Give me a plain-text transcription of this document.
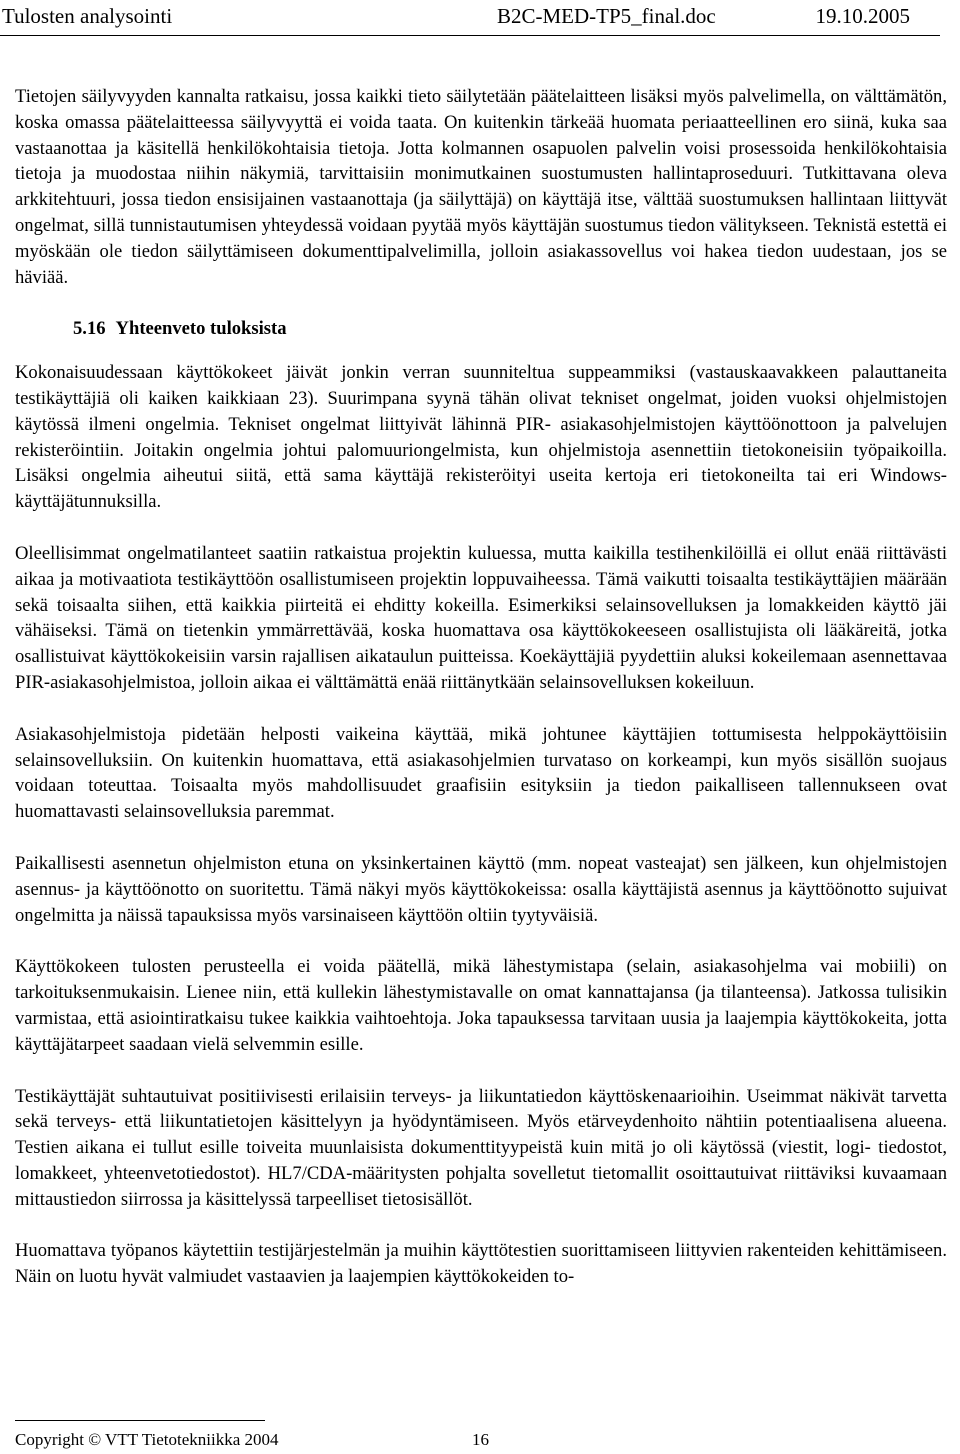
Tulosten analysointi	B2C-MED-TP5_final.doc	19.10.2005

Tietojen säilyvyyden kannalta ratkaisu, jossa kaikki tieto säilytetään päätelaitteen lisäksi myös palvelimella, on välttämätön, koska omassa päätelaitteessa säilyvyyttä ei voida taata. On kuitenkin tärkeää huomata periaatteellinen ero siinä, kuka saa vastaanottaa ja käsitellä henkilökohtaisia tietoja. Jotta kolmannen osapuolen palvelin voisi prosessoida henkilökohtaisia tietoja ja muodostaa niihin näkymiä, tarvittaisiin monimutkainen suostumusten hallintaproseduuri. Tutkittavana oleva arkkitehtuuri, jossa tiedon ensisijainen vastaanottaja (ja säilyttäjä) on käyttäjä itse, välttää suostumuksen hallintaan liittyvät ongelmat, sillä tunnistautumisen yhteydessä voidaan pyytää myös käyttäjän suostumus tiedon välitykseen. Teknistä estettä ei myöskään ole tiedon säilyttämiseen dokumenttipalvelimilla, jolloin asiakassovellus voi hakea tiedon uudestaan, jos se häviää.

5.16 Yhteenveto tuloksista

Kokonaisuudessaan käyttökokeet jäivät jonkin verran suunniteltua suppeammiksi (vastauskaavakkeen palauttaneita testikäyttäjiä oli kaiken kaikkiaan 23). Suurimpana syynä tähän olivat tekniset ongelmat, joiden vuoksi ohjelmistojen käytössä ilmeni ongelmia. Tekniset ongelmat liittyivät lähinnä PIR- asiakasohjelmistojen käyttöönottoon ja palvelujen rekisteröintiin. Joitakin ongelmia johtui palomuuriongelmista, kun ohjelmistoja asennettiin tietokoneisiin työpaikoilla. Lisäksi ongelmia aiheutui siitä, että sama käyttäjä rekisteröityi useita kertoja eri tietokoneilta tai eri Windows-käyttäjätunnuksilla.

Oleellisimmat ongelmatilanteet saatiin ratkaistua projektin kuluessa, mutta kaikilla testihenkilöillä ei ollut enää riittävästi aikaa ja motivaatiota testikäyttöön osallistumiseen projektin loppuvaiheessa. Tämä vaikutti toisaalta testikäyttäjien määrään sekä toisaalta siihen, että kaikkia piirteitä ei ehditty kokeilla. Esimerkiksi selainsovelluksen ja lomakkeiden käyttö jäi vähäiseksi. Tämä on tietenkin ymmärrettävää, koska huomattava osa käyttökokeeseen osallistujista oli lääkäreitä, jotka osallistuivat käyttökokeisiin varsin rajallisen aikataulun puitteissa. Koekäyttäjiä pyydettiin aluksi kokeilemaan asennettavaa PIR-asiakasohjelmistoa, jolloin aikaa ei välttämättä enää riittänytkään selainsovelluksen kokeiluun.

Asiakasohjelmistoja pidetään helposti vaikeina käyttää, mikä johtunee käyttäjien tottumisesta helppokäyttöisiin selainsovelluksiin. On kuitenkin huomattava, että asiakasohjelmien turvataso on korkeampi, kun myös sisällön suojaus voidaan toteuttaa. Toisaalta myös mahdollisuudet graafisiin esityksiin ja tiedon paikalliseen tallennukseen ovat huomattavasti selainsovelluksia paremmat.

Paikallisesti asennetun ohjelmiston etuna on yksinkertainen käyttö (mm. nopeat vasteajat) sen jälkeen, kun ohjelmistojen asennus- ja käyttöönotto on suoritettu. Tämä näkyi myös käyttökokeissa: osalla käyttäjistä asennus ja käyttöönotto sujuivat ongelmitta ja näissä tapauksissa myös varsinaiseen käyttöön oltiin tyytyväisiä.

Käyttökokeen tulosten perusteella ei voida päätellä, mikä lähestymistapa (selain, asiakasohjelma vai mobiili) on tarkoituksenmukaisin. Lienee niin, että kullekin lähestymistavalle on omat kannattajansa (ja tilanteensa). Jatkossa tulisikin varmistaa, että asiointiratkaisu tukee kaikkia vaihtoehtoja. Joka tapauksessa tarvitaan uusia ja laajempia käyttökokeita, jotta käyttäjätarpeet saadaan vielä selvemmin esille.

Testikäyttäjät suhtautuivat positiivisesti erilaisiin terveys- ja liikuntatiedon käyttöskenaarioihin. Useimmat näkivät tarvetta sekä terveys- että liikuntatietojen käsittelyyn ja hyödyntämiseen. Myös etärveydenhoito nähtiin potentiaalisena alueena. Testien aikana ei tullut esille toiveita muunlaisista dokumenttityypeistä kuin mitä jo oli käytössä (viestit, logi- tiedostot, lomakkeet, yhteenvetotiedostot). HL7/CDA-määritysten pohjalta sovelletut tietomallit osoittautuivat riittäviksi kuvaamaan mittaustiedon siirrossa ja käsittelyssä tarpeelliset tietosisällöt.

Huomattava työpanos käytettiin testijärjestelmän ja muihin käyttötestien suorittamiseen liittyvien rakenteiden kehittämiseen. Näin on luotu hyvät valmiudet vastaavien ja laajempien käyttökokeiden to-

Copyright © VTT Tietotekniikka 2004	16
